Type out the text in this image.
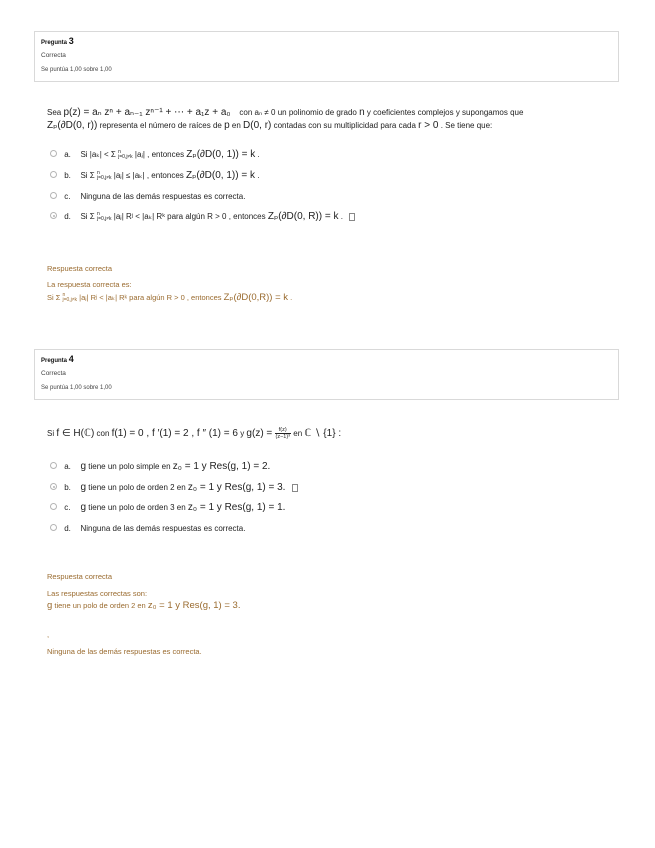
Pregunta 3
Correcta
Se puntúa 1,00 sobre 1,00
Sea p(z) = aₙ zⁿ + aₙ₋₁ zⁿ⁻¹ + ⋯ + a₁z + a₀ con aₙ ≠ 0 un polinomio de grado n y coeficientes complejos y supongamos que
Zₚ(∂D(0, r)) representa el número de raíces de p en D(0, r) contadas con su multiplicidad para cada r > 0 . Se tiene que:
a. Si |aₖ| < Σ n
j=0,j≠k |aⱼ| , entonces Zₚ(∂D(0, 1)) = k .
b. Si Σ n
j=0,j≠k |aⱼ| ≤ |aₖ| , entonces Zₚ(∂D(0, 1)) = k .
c. Ninguna de las demás respuestas es correcta.
d. Si Σ n
j=0,j≠k |aⱼ| Rʲ < |aₖ| Rᵏ para algún R > 0 , entonces Zₚ(∂D(0, R)) = k .
Respuesta correcta
La respuesta correcta es:
Si Σ n
j=0,j≠k |aⱼ| Rʲ < |aₖ| Rᵏ para algún R > 0 , entonces Zₚ(∂D(0,R)) = k .
Pregunta 4
Correcta
Se puntúa 1,00 sobre 1,00
Si f ∈ H(ℂ) con f(1) = 0 , f ′(1) = 2 , f ″ (1) = 6 y $g(z) = \frac{f(z)}{\text{(z−1)³}}$ en ℂ ∖ {1} :
a. g tiene un polo simple en z₀ = 1 y Res(g, 1) = 2.
b. g tiene un polo de orden 2 en z₀ = 1 y Res(g, 1) = 3.
c. g tiene un polo de orden 3 en z₀ = 1 y Res(g, 1) = 1.
d. Ninguna de las demás respuestas es correcta.
Respuesta correcta
Las respuestas correctas son:
g tiene un polo de orden 2 en z₀ = 1 y Res(g, 1) = 3.
,
Ninguna de las demás respuestas es correcta.
